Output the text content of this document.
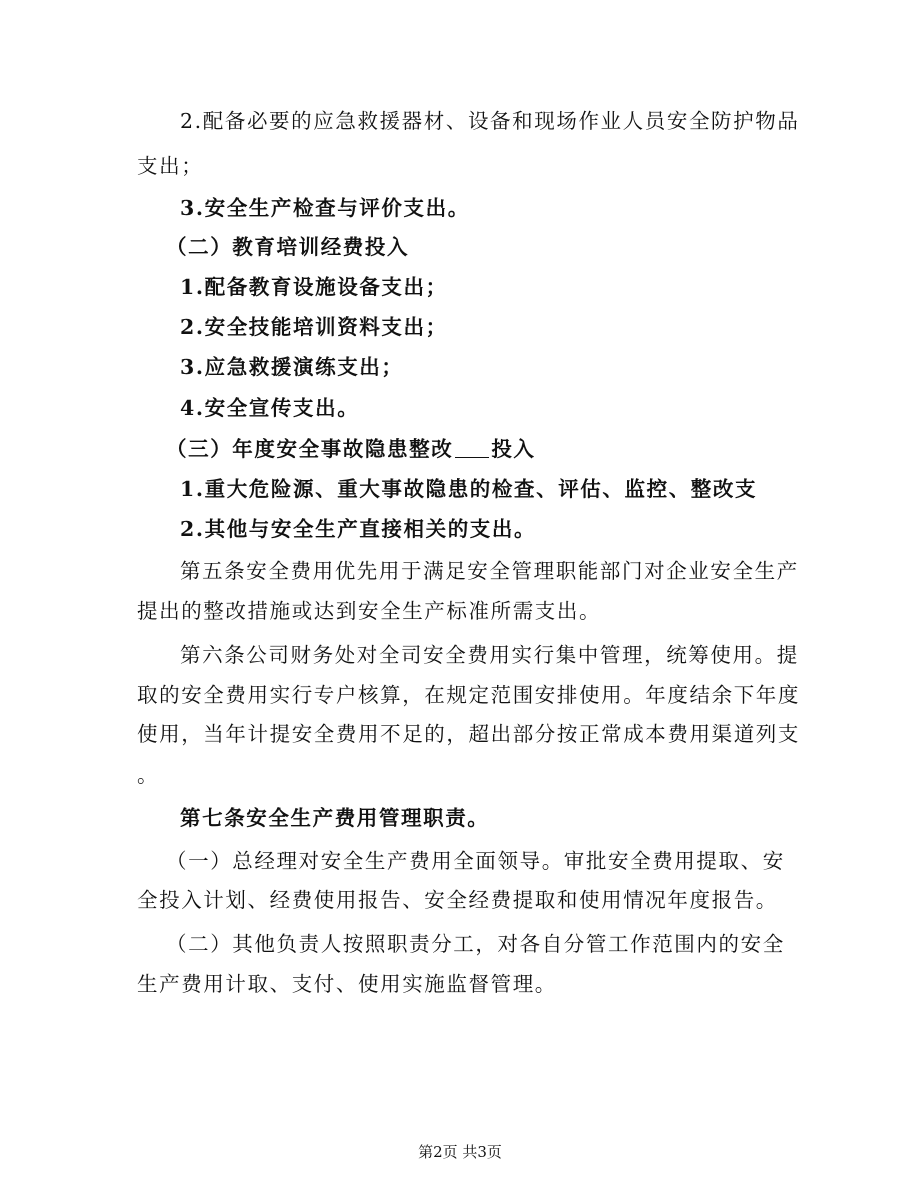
2.配备必要的应急救援器材、设备和现场作业人员安全防护物品
支出；
3.安全生产检查与评价支出。
（二）教育培训经费投入
1.配备教育设施设备支出；
2.安全技能培训资料支出；
3.应急救援演练支出；
4.安全宣传支出。
（三）年度安全事故隐患整改 投入
1.重大危险源、重大事故隐患的检查、评估、监控、整改支
2.其他与安全生产直接相关的支出。
第五条安全费用优先用于满足安全管理职能部门对企业安全生产
提出的整改措施或达到安全生产标准所需支出。
第六条公司财务处对全司安全费用实行集中管理，统筹使用。提
取的安全费用实行专户核算，在规定范围安排使用。年度结余下年度
使用，当年计提安全费用不足的，超出部分按正常成本费用渠道列支
。
第七条安全生产费用管理职责。
（一）总经理对安全生产费用全面领导。审批安全费用提取、安
全投入计划、经费使用报告、安全经费提取和使用情况年度报告。
（二）其他负责人按照职责分工，对各自分管工作范围内的安全
生产费用计取、支付、使用实施监督管理。
第2页 共3页
